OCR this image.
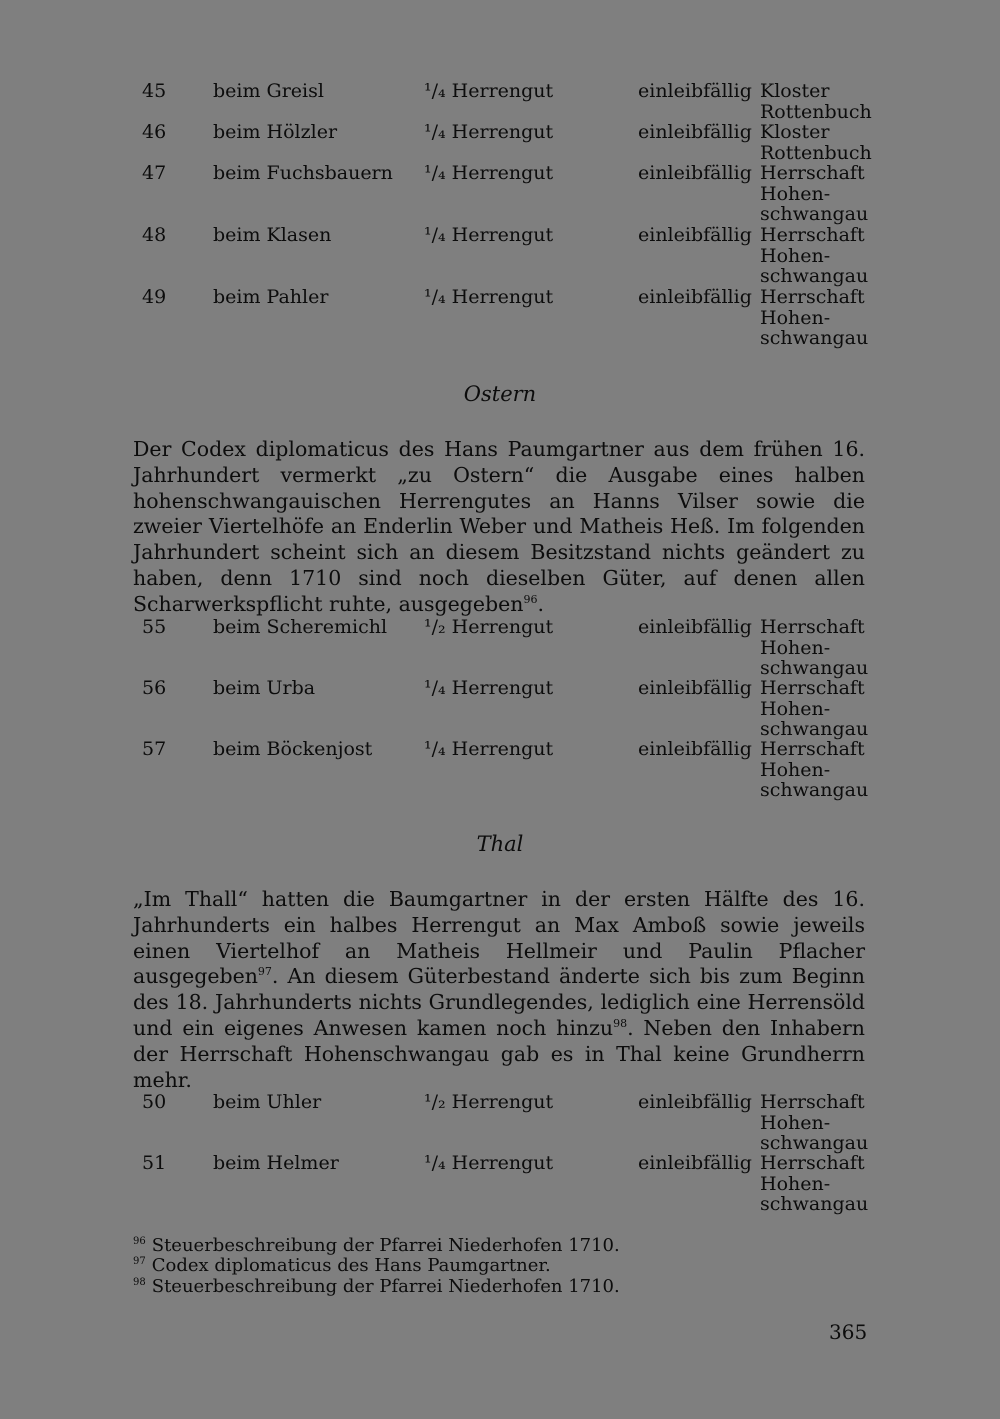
45 beim Greisl	¹/₄ Herrengut	einleibfällig Kloster
Rottenbuch
46 beim Hölzler	¹/₄ Herrengut	einleibfällig Kloster
Rottenbuch
47 beim Fuchsbauern ¹/₄ Herrengut	einleibfällig Herrschaft
Hohen-
schwangau
48 beim Klasen	¹/₄ Herrengut	einleibfällig Herrschaft
Hohen-
schwangau
49 beim Pahler	¹/₄ Herrengut	einleibfällig Herrschaft
Hohen-
schwangau
Ostern
Der Codex diplomaticus des Hans Paumgartner aus dem frühen 16. Jahrhundert vermerkt „zu Ostern“ die Ausgabe eines halben hohenschwangauischen Herrengutes an Hanns Vilser sowie die zweier Viertelhöfe an Enderlin Weber und Matheis Heß. Im folgenden Jahrhundert scheint sich an diesem Besitzstand nichts geändert zu haben, denn 1710 sind noch dieselben Güter, auf denen allen Scharwerkspflicht ruhte, ausgegeben$^{96}$.
55 beim Scheremichl ¹/₂ Herrengut	einleibfällig Herrschaft
Hohen-
schwangau
56 beim Urba	¹/₄ Herrengut	einleibfällig Herrschaft
Hohen-
schwangau
57 beim Böckenjost	¹/₄ Herrengut	einleibfällig Herrschaft
Hohen-
schwangau
Thal
„Im Thall“ hatten die Baumgartner in der ersten Hälfte des 16. Jahrhunderts ein halbes Herrengut an Max Amboß sowie jeweils einen Viertelhof an Matheis Hellmeir und Paulin Pflacher ausgegeben$^{97}$. An diesem Güterbestand änderte sich bis zum Beginn des 18. Jahrhunderts nichts Grundlegendes, lediglich eine Herrensöld und ein eigenes Anwesen kamen noch hinzu$^{98}$. Neben den Inhabern der Herrschaft Hohenschwangau gab es in Thal keine Grundherrn mehr.
50 beim Uhler	¹/₂ Herrengut	einleibfällig Herrschaft
Hohen-
schwangau
51 beim Helmer	¹/₄ Herrengut	einleibfällig Herrschaft
Hohen-
schwangau
$^{96}$ Steuerbeschreibung der Pfarrei Niederhofen 1710.
$^{97}$ Codex diplomaticus des Hans Paumgartner.
$^{98}$ Steuerbeschreibung der Pfarrei Niederhofen 1710.
365
